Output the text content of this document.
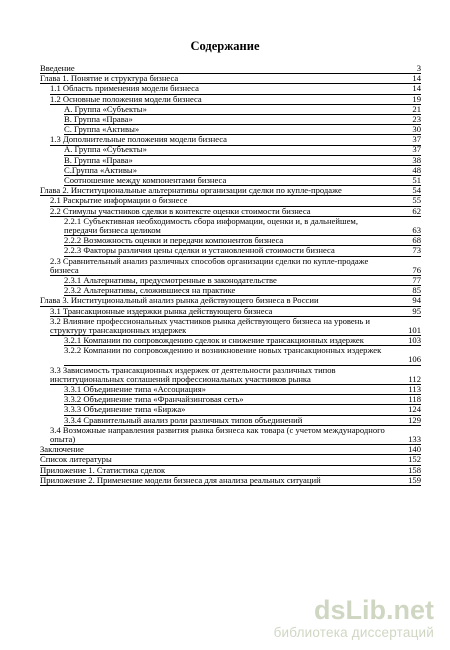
Содержание
Введение	3
Глава 1. Понятие и структура бизнеса	14
1.1 Область применения модели бизнеса	14
1.2 Основные положения модели бизнеса	19
А. Группа «Субъекты»	21
В. Группа «Права»	23
С. Группа «Активы»	30
1.3 Дополнительные положения модели бизнеса	37
А. Группа «Субъекты»	37
В. Группа «Права»	38
С.Группа «Активы»	48
Соотношение между компонентами бизнеса	51
Глава 2. Институциональные альтернативы организации сделки по купле-продаже	54
2.1 Раскрытие информации о бизнесе	55
2.2 Стимулы участников сделки в контексте оценки стоимости бизнеса	62
2.2.1 Субъективная необходимость сбора информации, оценки и, в дальнейшем,
передачи бизнеса целиком	63
2.2.2 Возможность оценки и передачи компонентов бизнеса	68
2.2.3 Факторы различия цены сделки и установленной стоимости бизнеса	73
2.3 Сравнительный анализ различных способов организации сделки по купле-продаже
бизнеса	76
2.3.1 Альтернативы, предусмотренные в законодательстве	77
2.3.2 Альтернативы, сложившиеся на практике	85
Глава 3. Институциональный анализ рынка действующего бизнеса в России	94
3.1 Трансакционные издержки рынка действующего бизнеса	95
3.2 Влияние профессиональных участников рынка действующего бизнеса на уровень и
структуру трансакционных издержек	101
3.2.1 Компании по сопровождению сделок и снижение трансакционных издержек	103
3.2.2 Компании по сопровождению и возникновение новых трансакционных издержек
106
3.3 Зависимость трансакционных издержек от деятельности различных типов
институциональных соглашений профессиональных участников рынка	112
3.3.1 Объединение типа «Ассоциация»	113
3.3.2 Объединение типа «Франчайзинговая сеть»	118
3.3.3 Объединение типа «Биржа»	124
3.3.4 Сравнительный анализ роли различных типов объединений	129
3.4 Возможные направления развития рынка бизнеса как товара (с учетом международного
опыта)	133
Заключение	140
Список литературы	152
Приложение 1. Статистика сделок	158
Приложение 2. Применение модели бизнеса для анализа реальных ситуаций	159
dsLib.net
библиотека диссертаций
